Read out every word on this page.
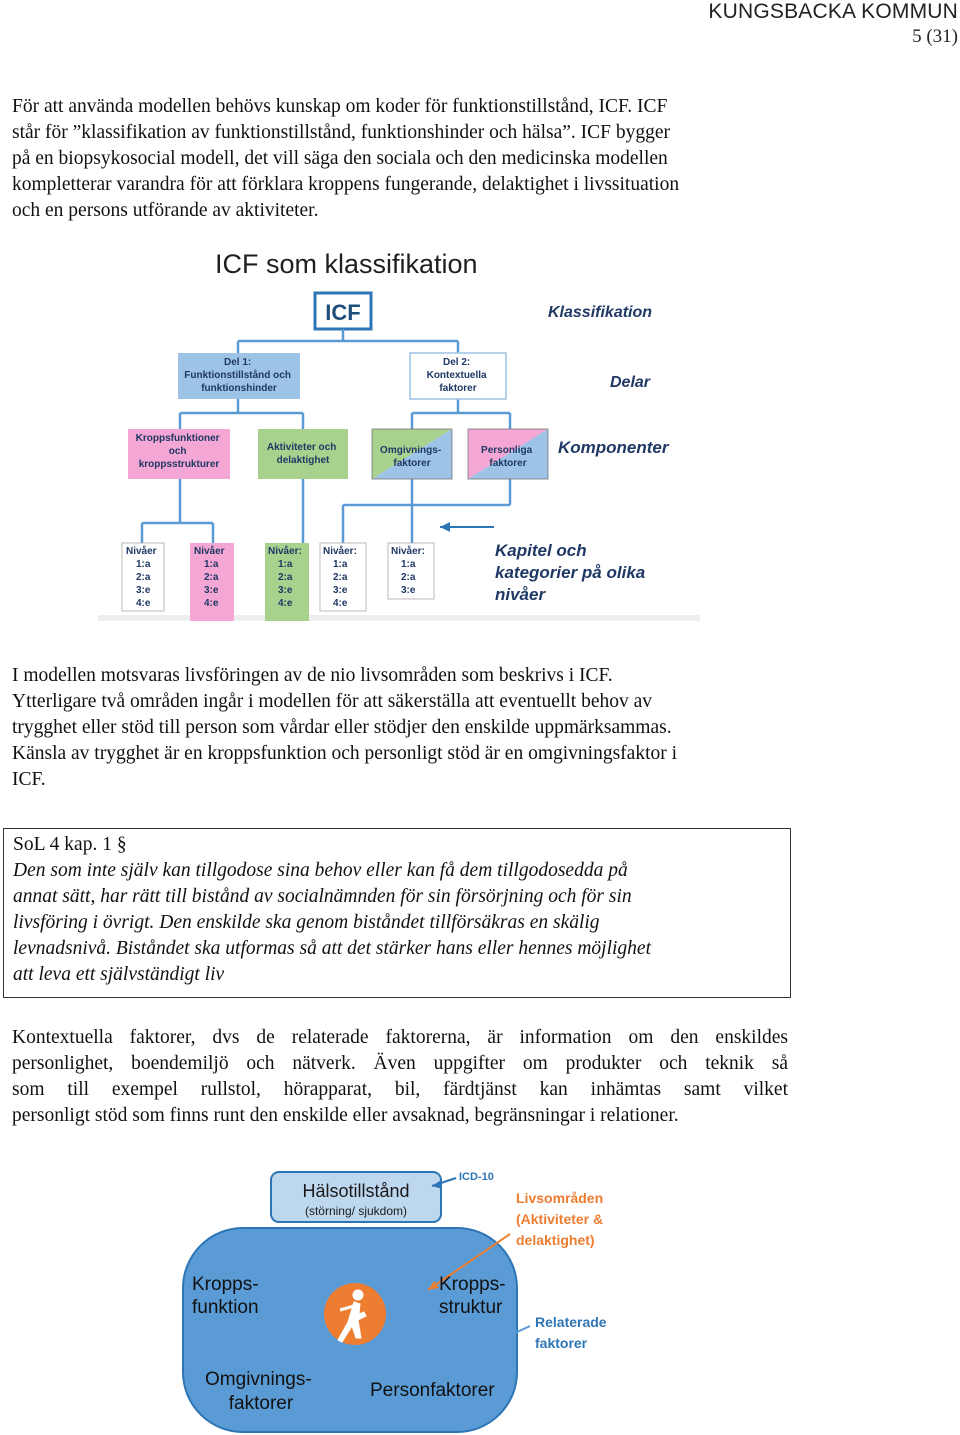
KUNGSBACKA KOMMUN
5 (31)
För att använda modellen behövs kunskap om koder för funktionstillstånd, ICF. ICF
står för ”klassifikation av funktionstillstånd, funktionshinder och hälsa”. ICF bygger
på en biopsykosocial modell, det vill säga den sociala och den medicinska modellen
kompletterar varandra för att förklara kroppens fungerande, delaktighet i livssituation
och en persons utförande av aktiviteter.
ICF som klassifikation
ICF
Del 1: Funktionstillstånd och funktionshinder
Del 2: Kontextuella faktorer
Kroppsfunktioner och kroppsstrukturer
Aktiviteter och delaktighet
Omgivnings- faktorer
Personliga faktorer
Nivåer
1:a
2:a
3:e
4:e
Nivåer
1:a
2:a
3:e
4:e
Nivåer:
1:a
2:a
3:e
4:e
Nivåer:
1:a
2:a
3:e
4:e
Nivåer:
1:a
2:a
3:e
Klassifikation
Delar
Komponenter
Kapitel och kategorier på olika nivåer
I modellen motsvaras livsföringen av de nio livsområden som beskrivs i ICF.
Ytterligare två områden ingår i modellen för att säkerställa att eventuellt behov av
trygghet eller stöd till person som vårdar eller stödjer den enskilde uppmärksammas.
Känsla av trygghet är en kroppsfunktion och personligt stöd är en omgivningsfaktor i
ICF.
SoL 4 kap. 1 §
Den som inte själv kan tillgodose sina behov eller kan få dem tillgodosedda på
annat sätt, har rätt till bistånd av socialnämnden för sin försörjning och för sin
livsföring i övrigt. Den enskilde ska genom biståndet tillförsäkras en skälig
levnadsnivå. Biståndet ska utformas så att det stärker hans eller hennes möjlighet
att leva ett självständigt liv
Kontextuella faktorer, dvs de relaterade faktorerna, är information om den enskildes
personlighet, boendemiljö och nätverk. Även uppgifter om produkter och teknik så
som till exempel rullstol, hörapparat, bil, färdtjänst kan inhämtas samt vilket
personligt stöd som finns runt den enskilde eller avsaknad, begränsningar i relationer.
Hälsotillstånd
(störning/ sjukdom)
ICD-10
Livsområden (Aktiviteter & delaktighet)
Relaterade faktorer
Kropps- funktion
Kropps- struktur
Omgivnings- faktorer
Personfaktorer
